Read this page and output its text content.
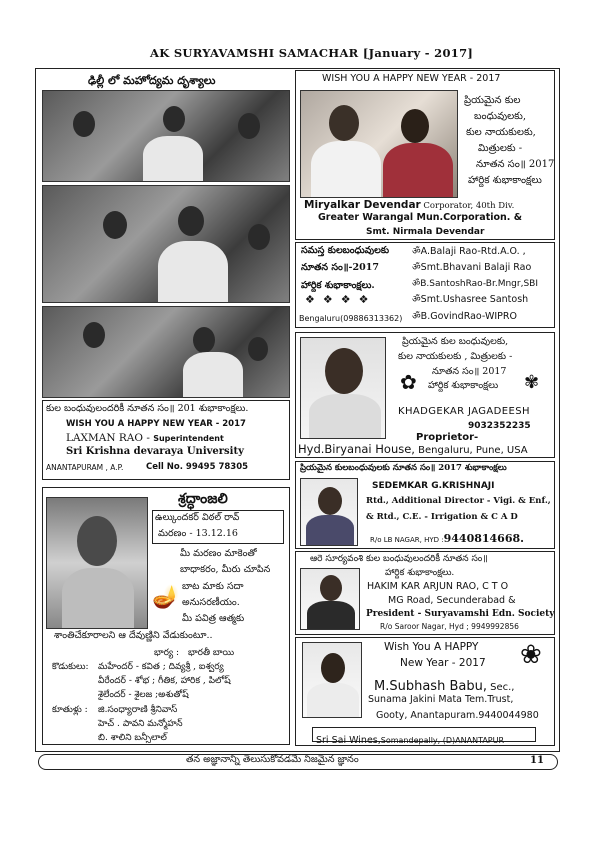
AK SURYAVAMSHI SAMACHAR [January - 2017]
ఢిల్లీ లో మహోద్యమ దృశ్యాలు
కుల బంధువులందరికీ నూతన సం॥ 201 శుభాకాంక్షలు.
WISH YOU A HAPPY NEW YEAR - 2017
LAXMAN RAO - Superintendent
Sri Krishna devaraya University
ANANTAPURAM , A.P.	Cell No. 99495 78305
శ్రద్ధాంజలి
ఉల్కుందకర్ విఠల్ రావ్
మరణం - 13.12.16
మీ మరణం మాకెంతో
బాధాకరం, మీరు చూపిన
🪔 బాట మాకు సదా
అనుసరణీయం.
మీ పవిత్ర ఆత్మకు
శాంతిచేకూరాలని ఆ దేవుణ్ణిని వేడుకుంటూ..
భార్య : భారతీ బాయి
కొడుకులు: మహేందర్ - కవిత ; దివ్యశ్రీ , ఐశ్వర్య
వీరేందర్ - శోభ ; గీతిక, హారిక , పిలోష్
శైలేందర్ - శైలజ ;అశుతోష్
కూతుళ్లు : జి.సంధ్యారాణి శ్రీనివాస్
హెచ్ . పావని మన్మోహన్
బి. శాలిని బన్సీలాల్
WISH YOU A HAPPY NEW YEAR - 2017
ప్రియమైన కుల
బంధువులకు,
కుల నాయకులకు,
మిత్రులకు -
నూతన సం॥ 2017
హార్దిక శుభాకాంక్షలు
Miryalkar Devendar Corporator, 40th Div.
Greater Warangal Mun.Corporation. &
Smt. Nirmala Devendar
సమస్త కులబంధువులకు
నూతన సం॥-2017
హార్దిక శుభాకాంక్షలు.
❖❖❖❖
Bengaluru(09886313362)
ॐA.Balaji Rao-Rtd.A.O. ,
ॐSmt.Bhavani Balaji Rao
ॐB.SantoshRao-Br.Mngr,SBI
ॐSmt.Ushasree Santosh
ॐB.GovindRao-WIPRO
ప్రియమైన కుల బంధువులకు,
కుల నాయకులకు , మిత్రులకు -
నూతన సం॥ 2017
హార్దిక శుభాకాంక్షలు
✿	✾
KHADGEKAR JAGADEESH
9032352235
Proprietor-
Hyd.Biryanai House, Bengaluru, Pune, USA
ప్రియమైన కులబంధువులకు నూతన సం॥ 2017 శుభాకాంక్షలు
SEDEMKAR G.KRISHNAJI
Rtd., Additional Director - Vigi. & Enf.,
& Rtd., C.E. - Irrigation & C A D
R/o LB NAGAR, HYD :9440814668.
ఆరె సూర్యవంశి కుల బంధువులందరికీ నూతన సం॥
హార్దిక శుభాకాంక్షలు.
HAKIM KAR ARJUN RAO, C T O
MG Road, Secunderabad &
President - Suryavamshi Edn. Society
R/o Saroor Nagar, Hyd ; 9949992856
Wish You A HAPPY
New Year - 2017 ❀
M.Subhash Babu, Sec.,
Sunama Jakini Mata Tem.Trust,
Gooty, Anantapuram.9440044980
Sri Sai Wines,Somandepally, (D)ANANTAPUR
తన అజ్ఞానాన్ని తెలుసుకోవడమే నిజమైన జ్ఞానం	11
